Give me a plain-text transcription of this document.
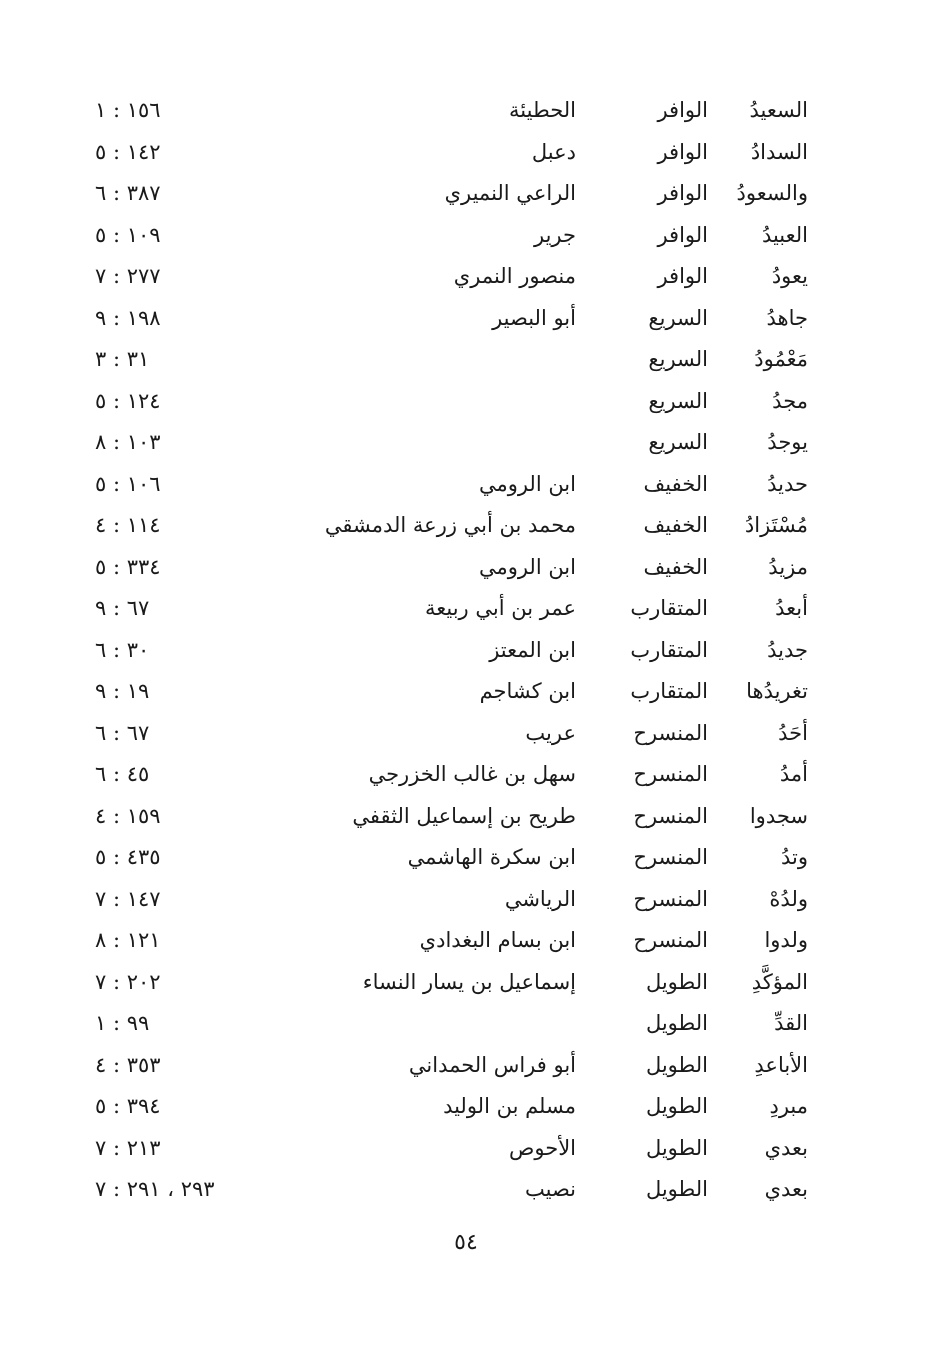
السعيدُ
الوافر
الحطيئة
١٥٦ : ١
السدادُ
الوافر
دعبل
١٤٢ : ٥
والسعودُ
الوافر
الراعي النميري
٣٨٧ : ٦
العبيدُ
الوافر
جرير
١٠٩ : ٥
يعودُ
الوافر
منصور النمري
٢٧٧ : ٧
جاهدُ
السريع
أبو البصير
١٩٨ : ٩
مَعْمُودُ
السريع
٣١ : ٣
مجدُ
السريع
١٢٤ : ٥
يوجدُ
السريع
١٠٣ : ٨
حديدُ
الخفيف
ابن الرومي
١٠٦ : ٥
مُسْتَزادُ
الخفيف
محمد بن أبي زرعة الدمشقي
١١٤ : ٤
مزيدُ
الخفيف
ابن الرومي
٣٣٤ : ٥
أبعدُ
المتقارب
عمر بن أبي ربيعة
٦٧ : ٩
جديدُ
المتقارب
ابن المعتز
٣٠ : ٦
تغريدُها
المتقارب
ابن كشاجم
١٩ : ٩
أحَدُ
المنسرح
عريب
٦٧ : ٦
أمدُ
المنسرح
سهل بن غالب الخزرجي
٤٥ : ٦
سجدوا
المنسرح
طريح بن إسماعيل الثقفي
١٥٩ : ٤
وتدُ
المنسرح
ابن سكرة الهاشمي
٤٣٥ : ٥
ولدُهْ
المنسرح
الرياشي
١٤٧ : ٧
ولدوا
المنسرح
ابن بسام البغدادي
١٢١ : ٨
المؤكَّدِ
الطويل
إسماعيل بن يسار النساء
٢٠٢ : ٧
القدِّ
الطويل
٩٩ : ١
الأباعدِ
الطويل
أبو فراس الحمداني
٣٥٣ : ٤
مبردِ
الطويل
مسلم بن الوليد
٣٩٤ : ٥
بعدي
الطويل
الأحوص
٢١٣ : ٧
بعدي
الطويل
نصيب
٢٩٣ ، ٢٩١ : ٧
٥٤
